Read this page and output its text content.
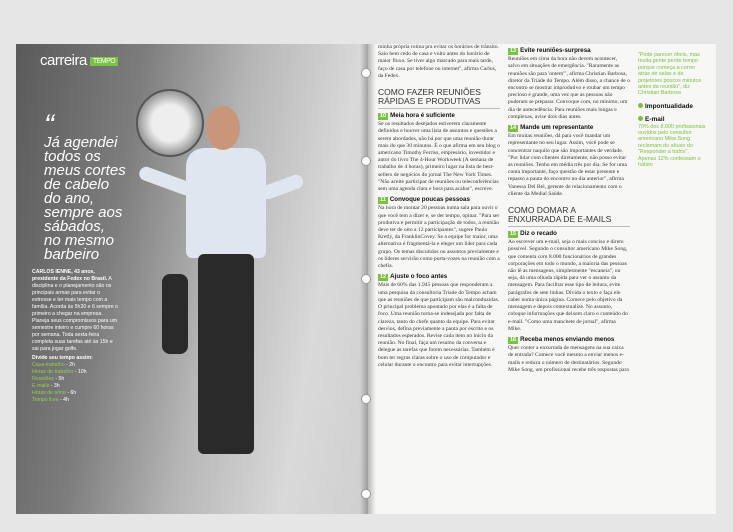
carreira TEMPO
“
Já agendei
todos os
meus cortes
de cabelo
do ano,
sempre aos
sábados,
no mesmo
barbeiro

CARLOS IENNE, 43 anos, presidente da Fedex no Brasil. A disciplina e o planejamento são os principais armas para evitar o estresse e ter mais tempo com a família. Acorda às 5h30 e 6 sempre o primeiro a chegar na empresa. Planeja seus compromissos para um semestre inteiro e cumpre 60 horas por semana. Toda sexta-feira completa suas tarefas até às 15h e sai para jogar golfe.
Divide seu tempo assim:
Casa-trabalho - 2h
Horas de trabalho - 10h
Reuniões - 5h
E-mails - 3h
Horas de sono - 6h
Tempo livre - 4h

minha própria rotina pra evitar os horários de trânsito. Saio bem cedo de casa e volto antes do horário de maior fluxo. Se tiver algo marcado para mais tarde, faço de casa por telefone ou internet", afirma Carlos, da Fedex.

COMO FAZER REUNIÕES RÁPIDAS E PRODUTIVAS
10 Meia hora é suficiente

Se os resultados desejados estiverem claramente definidos e houver uma lista de assuntos e questões a serem abordados, não há por que uma reunião durar mais do que 30 minutos. É o que afirma em seu blog o americano Timothy Ferriss, empresário, investidor e autor do livro The 4-Hour Workweek (A semana de trabalho de 4 horas), primeiro lugar na lista de best-sellers de negócios do jornal The New York Times. "Não aceite participar de reuniões ou teleconferências sem uma agenda clara e hora para acabar", escreve.

11 Convoque poucas pessoas

Na hora de montar 20 pessoas numa sala para ouvir o que você tem a dizer e, se der tempo, opinar. "Para ser produtiva e permitir a participação de todos, a reunião deve ter de oito a 12 participantes", sugere Paulo Kretly, da FranklinCovey. Se a equipe for maior, uma alternativa é fragmentá-la e eleger um líder para cada grupo. Os temas discutidos ou assuntos previamente e os líderes servirão como porta-vozes na reunião com a chefia.

12 Ajuste o foco antes

Mais de 60% das 1.945 pessoas que responderam a uma pesquisa da consultoria Tríade do Tempo acham que as reuniões de que participam são malconduzidas. O principal problema apontado por elas é a falta de foco. Uma reunião torna-se indesejada por falta de clareza, tanto do chefe quanto da equipe. Para evitar desvios, defina previamente a pauta por escrito e os resultados esperados. Revise cada item no início da reunião. No final, faça um resumo da conversa e delegue as tarefas que forem necessárias. Também é bom ter regras claras sobre o uso de computador e celular durante o encontro para evitar interrupções.

13 Evite reuniões-surpresa

Reuniões em cima da hora não devem acontecer, salvo em situações de emergência. "Raramente as reuniões são para 'ontem'", afirma Christian Barbosa, diretor da Tríade do Tempo. Além disso, a chance de o encontro se mostrar improdutivo e roubar um tempo precioso é grande, uma vez que as pessoas não puderam se preparar. Convoque com, no mínimo, um dia de antecedência. Para reuniões mais longas e complexas, avise dois dias antes.

14 Mande um representante

Em muitas reuniões, dá para você mandar um representante no seu lugar. Assim, você pode se concentrar naquilo que são importantes de verdade. "Por lidar com clientes diretamente, não posso evitar as reuniões. Tenho em média três por dia. Se for uma conta importante, faço questão de estar presente e repasso a pauta do encontro no dia anterior", afirma Vanessa Del Bel, gerente de relacionamento com o cliente da Medial Saúde.

COMO DOMAR A ENXURRADA DE E-MAILS
15 Diz o recado

Ao escrever um e-mail, seja o mais conciso e direto possível. Segundo o consultor americano Mike Song, que comenta com 8.000 funcionários de grandes corporações em todo o mundo, a maioria das pessoas não lê as mensagens, simplesmente "escaneia", ou seja, dá uma olhada rápida para ver o assunto da mensagem. Para facilitar esse tipo de leitura, evite parágrafos de sete linhas. Divida o texto e faça ele caber numa única página. Comece pelo objetivo da mensagem e depois contextualize. No assunto, coloque informações que deixem claro o conteúdo do e-mail. "Como uma manchete de jornal", afirma Mike.

16 Receba menos enviando menos

Quer conter a enxurrada de mensagens na sua caixa de entrada? Comece você mesmo a enviar menos e-mails e reduza o número de destinatários. Segundo Mike Song, um profissional recebe três respostas para

"Pode parecer óbvio, mas muita gente perde tempo porque começa a correr atrás de salas e de projetores poucos minutos antes da reunião", diz Christian Barbosa
Impontualidade
E-mail
70% dos 8.000 profissionais ouvidos pelo consultor americano Mike Song reclamam do abuso do "Responder a todos". Apenas 12% confessam o hábito
